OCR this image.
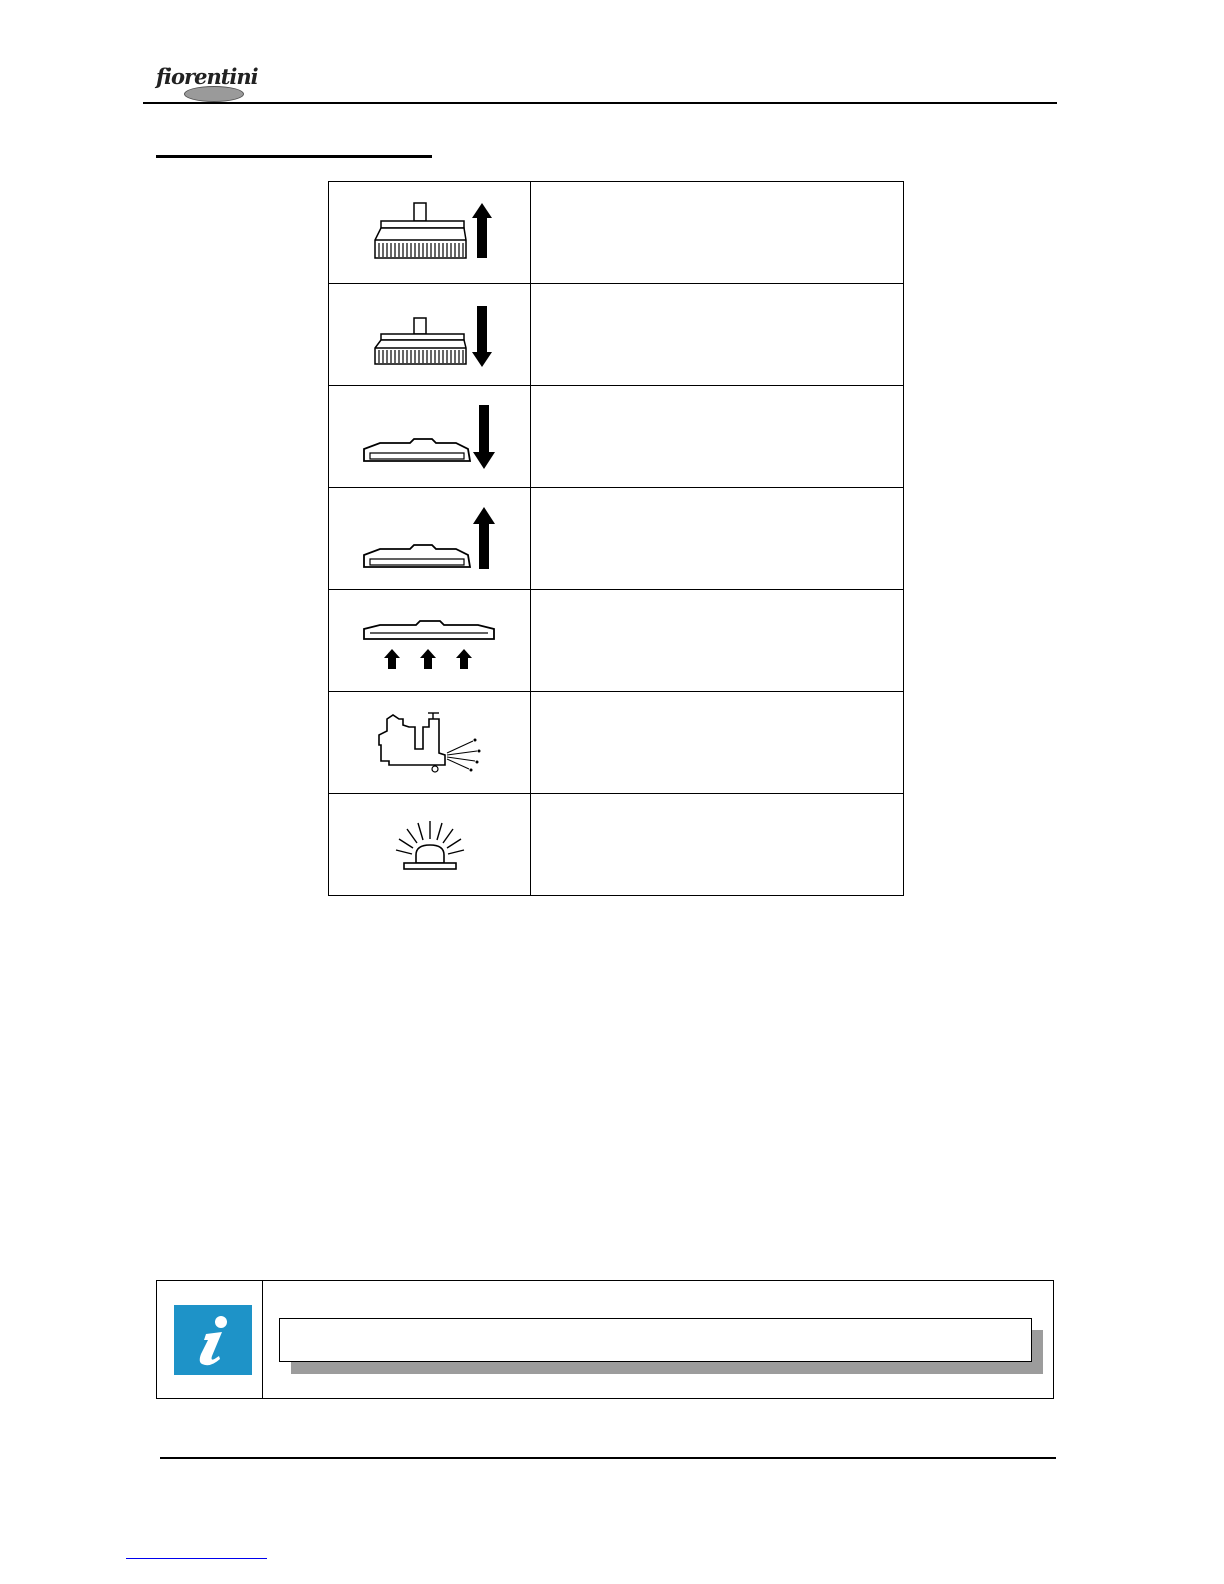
fiorentini
